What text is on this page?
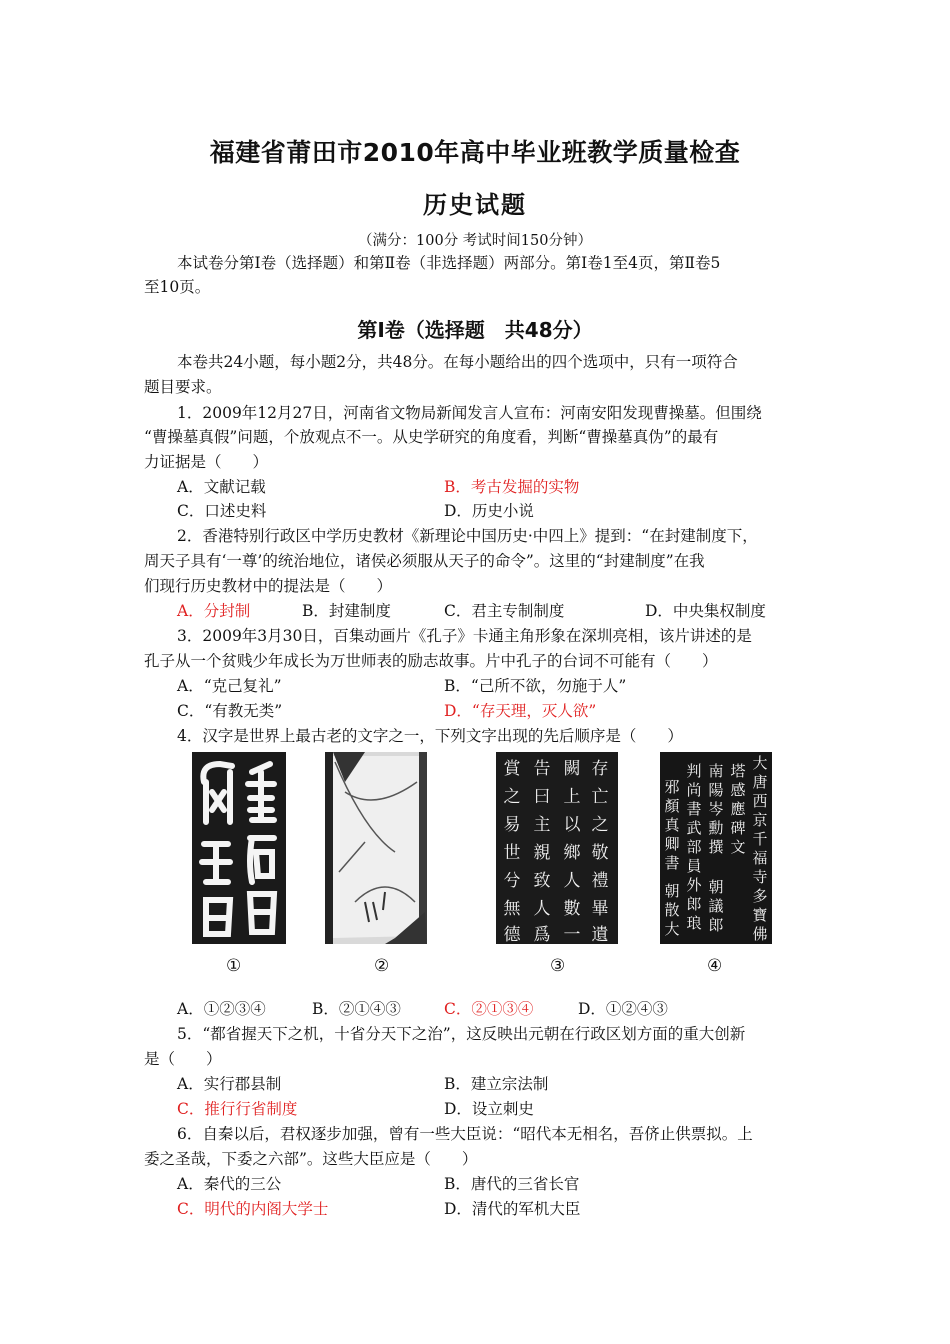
福建省莆田市2010年高中毕业班教学质量检查
历史试题
（满分：100分 考试时间150分钟）
本试卷分第Ⅰ卷（选择题）和第Ⅱ卷（非选择题）两部分。第Ⅰ卷1至4页，第Ⅱ卷5
至10页。
第Ⅰ卷（选择题　共48分）
本卷共24小题，每小题2分，共48分。在每小题给出的四个选项中，只有一项符合
题目要求。
1．2009年12月27日，河南省文物局新闻发言人宣布：河南安阳发现曹操墓。但围绕
“曹操墓真假”问题，个放观点不一。从史学研究的角度看，判断“曹操墓真伪”的最有
力证据是（　　）
A．文献记载	B．考古发掘的实物
C．口述史料	D．历史小说
2．香港特别行政区中学历史教材《新理论中国历史·中四上》提到：“在封建制度下，
周天子具有‘一尊’的统治地位，诸侯必须服从天子的命令”。这里的“封建制度”在我
们现行历史教材中的提法是（　　）
A．分封制	B．封建制度	C．君主专制制度	D．中央集权制度
3．2009年3月30日，百集动画片《孔子》卡通主角形象在深圳亮相，该片讲述的是
孔子从一个贫贱少年成长为万世师表的励志故事。片中孔子的台词不可能有（　　）
A．“克己复礼”	B．“己所不欲，勿施于人”
C．“有教无类”	D．“存天理，灭人欲”
4．汉字是世界上最古老的文字之一，下列文字出现的先后顺序是（　　）
存
亡
之
敬
禮
畢
遺
闕
上
以
鄉
人
數
一
告
曰
主
親
致
人
爲
賞
之
易
世
兮
無
德
大
唐
西
京
千
福
寺
多
寶
佛
塔
感
應
碑
文
南
陽
岑
勳
撰
朝
議
郎
判
尚
書
武
部
員
外
郎
琅
邪
顏
真
卿
書
朝
散
大
①	②	③	④
A．①②③④	B．②①④③	C．②①③④	D．①②④③
5．“都省握天下之机，十省分天下之治”，这反映出元朝在行政区划方面的重大创新
是（　　）
A．实行郡县制	B．建立宗法制
C．推行行省制度	D．设立刺史
6．自秦以后，君权逐步加强，曾有一些大臣说：“昭代本无相名，吾侪止供票拟。上
委之圣哉，下委之六部”。这些大臣应是（　　）
A．秦代的三公	B．唐代的三省长官
C．明代的内阁大学士	D．清代的军机大臣
